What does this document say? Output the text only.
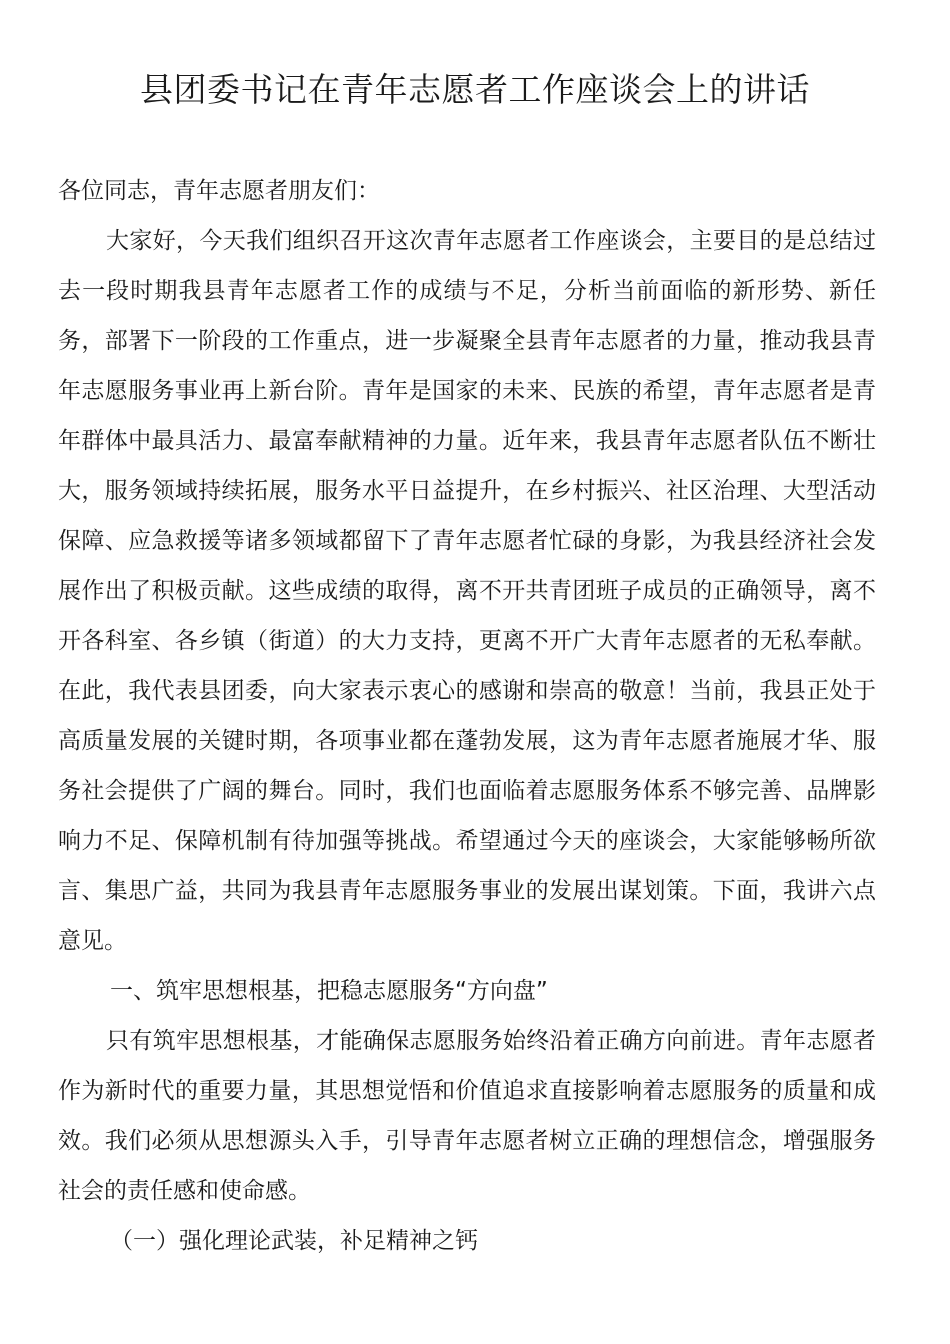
县团委书记在青年志愿者工作座谈会上的讲话

各位同志，青年志愿者朋友们：

大家好，今天我们组织召开这次青年志愿者工作座谈会，主要目的是总结过去一段时期我县青年志愿者工作的成绩与不足，分析当前面临的新形势、新任务，部署下一阶段的工作重点，进一步凝聚全县青年志愿者的力量，推动我县青年志愿服务事业再上新台阶。青年是国家的未来、民族的希望，青年志愿者是青年群体中最具活力、最富奉献精神的力量。近年来，我县青年志愿者队伍不断壮大，服务领域持续拓展，服务水平日益提升，在乡村振兴、社区治理、大型活动保障、应急救援等诸多领域都留下了青年志愿者忙碌的身影，为我县经济社会发展作出了积极贡献。这些成绩的取得，离不开共青团班子成员的正确领导，离不开各科室、各乡镇（街道）的大力支持，更离不开广大青年志愿者的无私奉献。在此，我代表县团委，向大家表示衷心的感谢和崇高的敬意！当前，我县正处于高质量发展的关键时期，各项事业都在蓬勃发展，这为青年志愿者施展才华、服务社会提供了广阔的舞台。同时，我们也面临着志愿服务体系不够完善、品牌影响力不足、保障机制有待加强等挑战。希望通过今天的座谈会，大家能够畅所欲言、集思广益，共同为我县青年志愿服务事业的发展出谋划策。下面，我讲六点意见。

一、筑牢思想根基，把稳志愿服务“方向盘”

只有筑牢思想根基，才能确保志愿服务始终沿着正确方向前进。青年志愿者作为新时代的重要力量，其思想觉悟和价值追求直接影响着志愿服务的质量和成效。我们必须从思想源头入手，引导青年志愿者树立正确的理想信念，增强服务社会的责任感和使命感。

（一）强化理论武装，补足精神之钙
